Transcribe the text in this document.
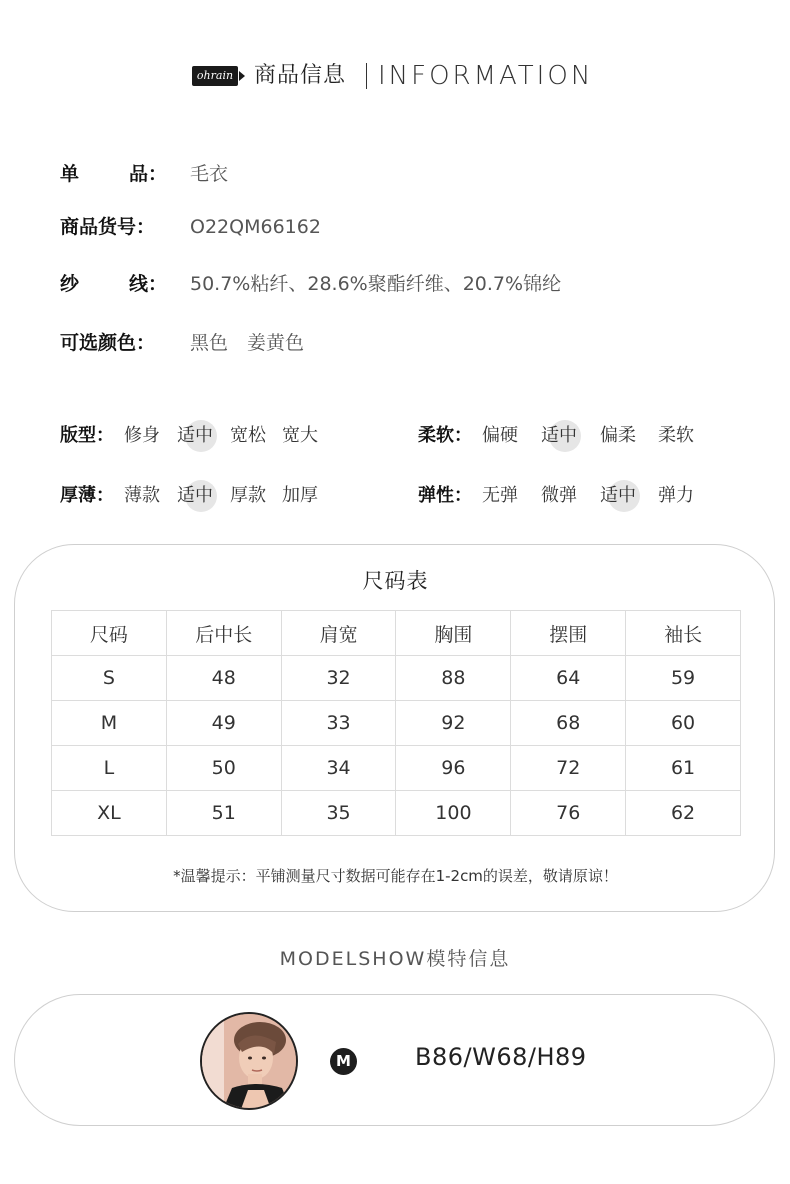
ohrain 商品信息 INFORMATION
单	品： 毛衣
商品货号：	O22QM66162
纱	线： 50.7%粘纤、28.6%聚酯纤维、20.7%锦纶
可选颜色：	黑色　姜黄色
版型： 修身 适中 宽松 宽大	柔软： 偏硬 适中 偏柔 柔软
厚薄： 薄款 适中 厚款 加厚	弹性： 无弹 微弹 适中 弹力
尺码表
尺码	后中长	肩宽	胸围	摆围	袖长
S	48	32	88	64	59
M	49	33	92	68	60
L	50	34	96	72	61
XL	51	35	100	76	62
*温馨提示：平铺测量尺寸数据可能存在1-2cm的误差，敬请原谅！
MODELSHOW模特信息
M	B86/W68/H89
